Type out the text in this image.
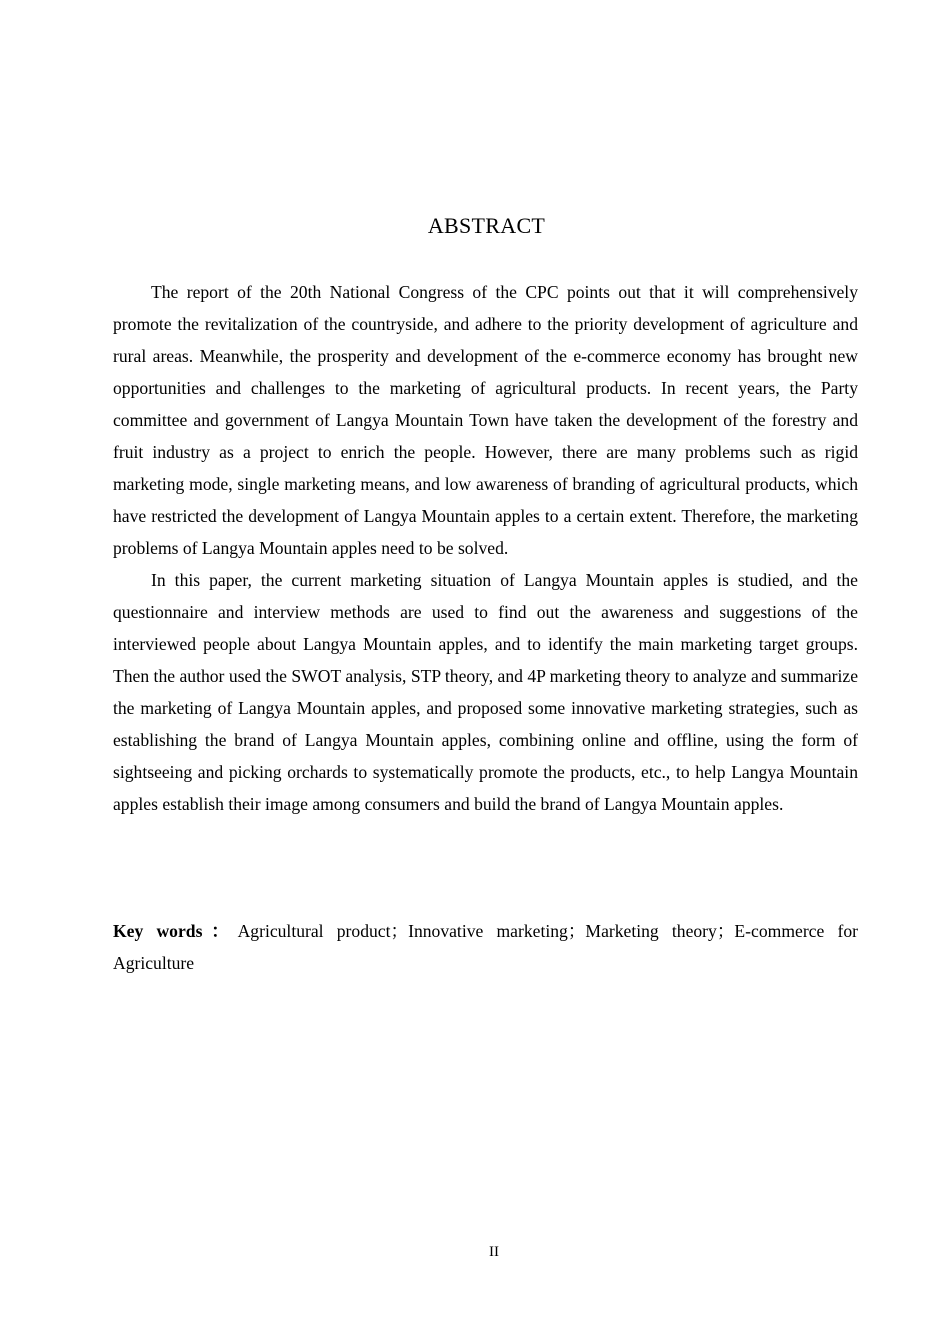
ABSTRACT

The report of the 20th National Congress of the CPC points out that it will comprehensively promote the revitalization of the countryside, and adhere to the priority development of agriculture and rural areas. Meanwhile, the prosperity and development of the e-commerce economy has brought new opportunities and challenges to the marketing of agricultural products. In recent years, the Party committee and government of Langya Mountain Town have taken the development of the forestry and fruit industry as a project to enrich the people. However, there are many problems such as rigid marketing mode, single marketing means, and low awareness of branding of agricultural products, which have restricted the development of Langya Mountain apples to a certain extent. Therefore, the marketing problems of Langya Mountain apples need to be solved.

In this paper, the current marketing situation of Langya Mountain apples is studied, and the questionnaire and interview methods are used to find out the awareness and suggestions of the interviewed people about Langya Mountain apples, and to identify the main marketing target groups. Then the author used the SWOT analysis, STP theory, and 4P marketing theory to analyze and summarize the marketing of Langya Mountain apples, and proposed some innovative marketing strategies, such as establishing the brand of Langya Mountain apples, combining online and offline, using the form of sightseeing and picking orchards to systematically promote the products, etc., to help Langya Mountain apples establish their image among consumers and build the brand of Langya Mountain apples.

Key words：Agricultural product；Innovative marketing；Marketing theory；E-commerce for Agriculture
II
